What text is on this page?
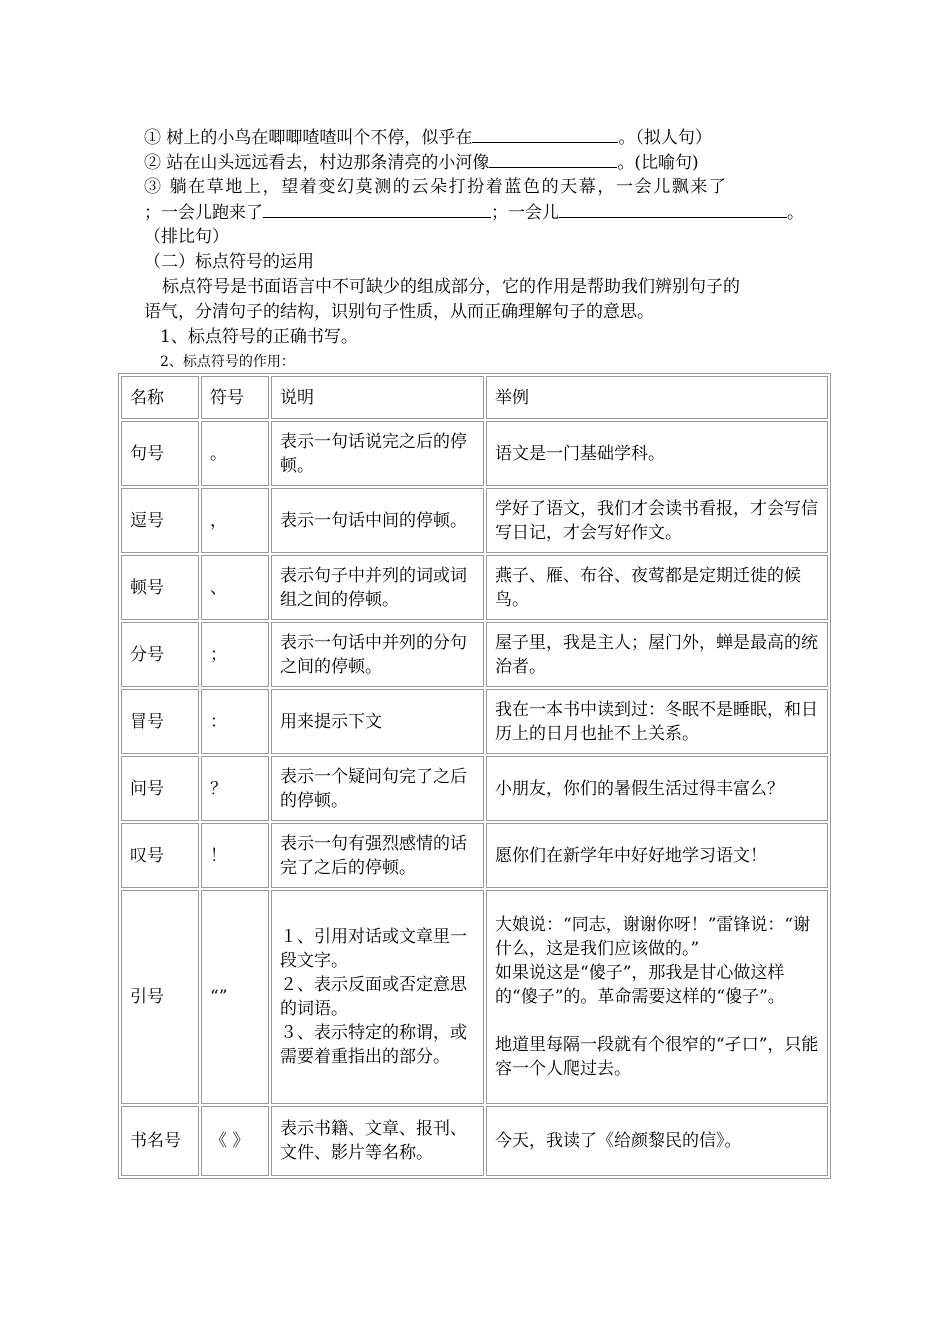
① 树上的小鸟在唧唧喳喳叫个不停，似乎在	。（拟人句）
② 站在山头远远看去，村边那条清亮的小河像	。(比喻句)
③ 躺在草地上，望着变幻莫测的云朵打扮着蓝色的天幕，一会儿飘来了
；一会儿跑来了	；一会儿	。
（排比句）
（二）标点符号的运用
标点符号是书面语言中不可缺少的组成部分，它的作用是帮助我们辨别句子的
语气，分清句子的结构，识别句子性质，从而正确理解句子的意思。
1、标点符号的正确书写。
2、标点符号的作用：
名称	符号	说明	举例
句号	。	表示一句话说完之后的停顿。	语文是一门基础学科。
逗号	，	表示一句话中间的停顿。	学好了语文，我们才会读书看报，才会写信写日记，才会写好作文。
顿号	、	表示句子中并列的词或词组之间的停顿。	燕子、雁、布谷、夜莺都是定期迁徙的候鸟。
分号	；	表示一句话中并列的分句之间的停顿。	屋子里，我是主人；屋门外，蝉是最高的统治者。
冒号	：	用来提示下文	我在一本书中读到过：冬眠不是睡眠，和日历上的日月也扯不上关系。
问号	？	表示一个疑问句完了之后的停顿。	小朋友，你们的暑假生活过得丰富么？
叹号	！	表示一句有强烈感情的话完了之后的停顿。	愿你们在新学年中好好地学习语文！
引号	“”	１、引用对话或文章里一段文字。
２、表示反面或否定意思的词语。
３、表示特定的称谓，或需要着重指出的部分。	大娘说：“同志，谢谢你呀！”雷锋说：“谢什么，这是我们应该做的。”
如果说这是“傻子”，那我是甘心做这样的“傻子”的。革命需要这样的“傻子”。
地道里每隔一段就有个很窄的“孑口”，只能容一个人爬过去。

书名号	《 》	表示书籍、文章、报刊、文件、影片等名称。	今天，我读了《给颜黎民的信》。
